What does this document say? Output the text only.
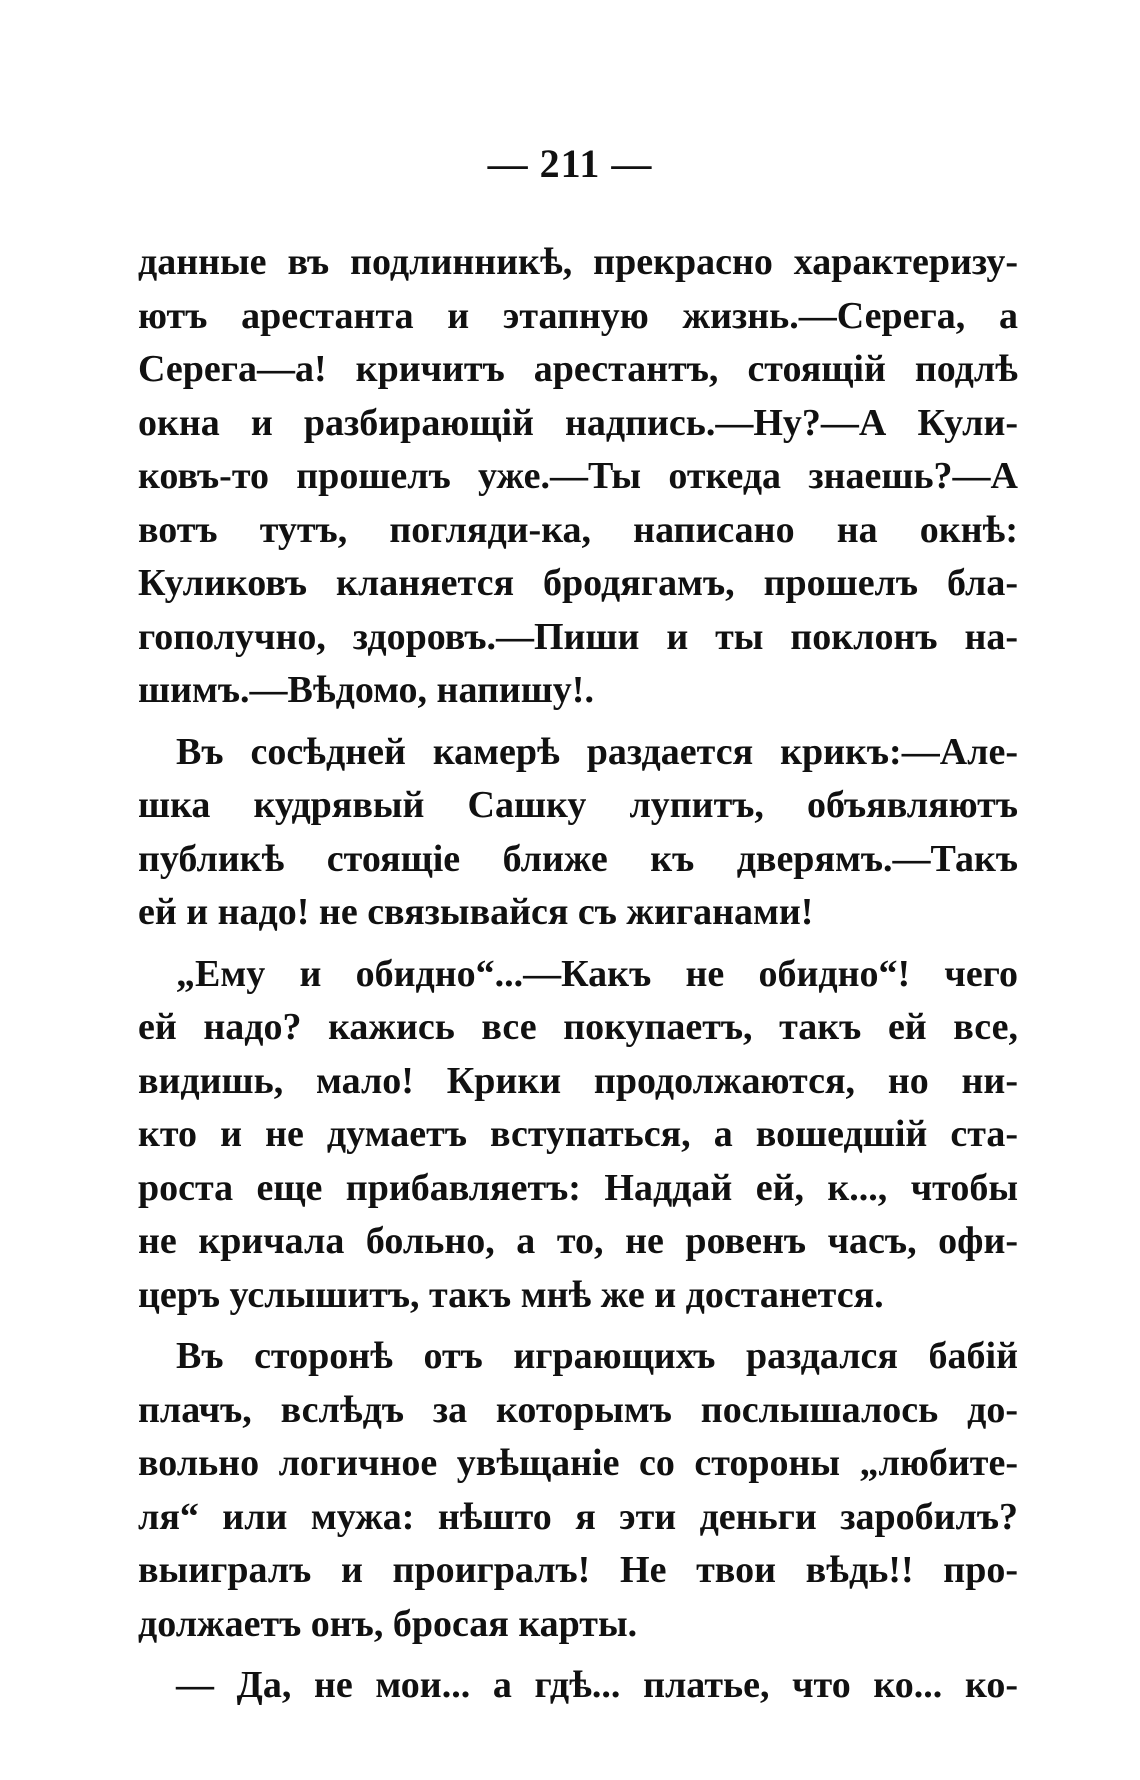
— 211 —
данные въ подлинникѣ, прекрасно характеризу-
ютъ арестанта и этапную жизнь.—Серега, а
Серега—а! кричитъ арестантъ, стоящій подлѣ
окна и разбирающій надпись.—Ну?—А Кули-
ковъ-то прошелъ уже.—Ты откеда знаешь?—А
вотъ тутъ, погляди-ка, написано на окнѣ:
Куликовъ кланяется бродягамъ, прошелъ бла-
гополучно, здоровъ.—Пиши и ты поклонъ на-
шимъ.—Вѣдомо, напишу!.
Въ сосѣдней камерѣ раздается крикъ:—Але-
шка кудрявый Сашку лупитъ, объявляютъ
публикѣ стоящіе ближе къ дверямъ.—Такъ
ей и надо! не связывайся съ жиганами!
„Ему и обидно“...—Какъ не обидно“! чего
ей надо? кажись все покупаетъ, такъ ей все,
видишь, мало! Крики продолжаются, но ни-
кто и не думаетъ вступаться, а вошедшій ста-
роста еще прибавляетъ: Наддай ей, к..., чтобы
не кричала больно, а то, не ровенъ часъ, офи-
церъ услышитъ, такъ мнѣ же и достанется.
Въ сторонѣ отъ играющихъ раздался бабій
плачъ, вслѣдъ за которымъ послышалось до-
вольно логичное увѣщаніе со стороны „любите-
ля“ или мужа: нѣшто я эти деньги заробилъ?
выигралъ и проигралъ! Не твои вѣдь!! про-
должаетъ онъ, бросая карты.
— Да, не мои... а гдѣ... платье, что ко... ко-
